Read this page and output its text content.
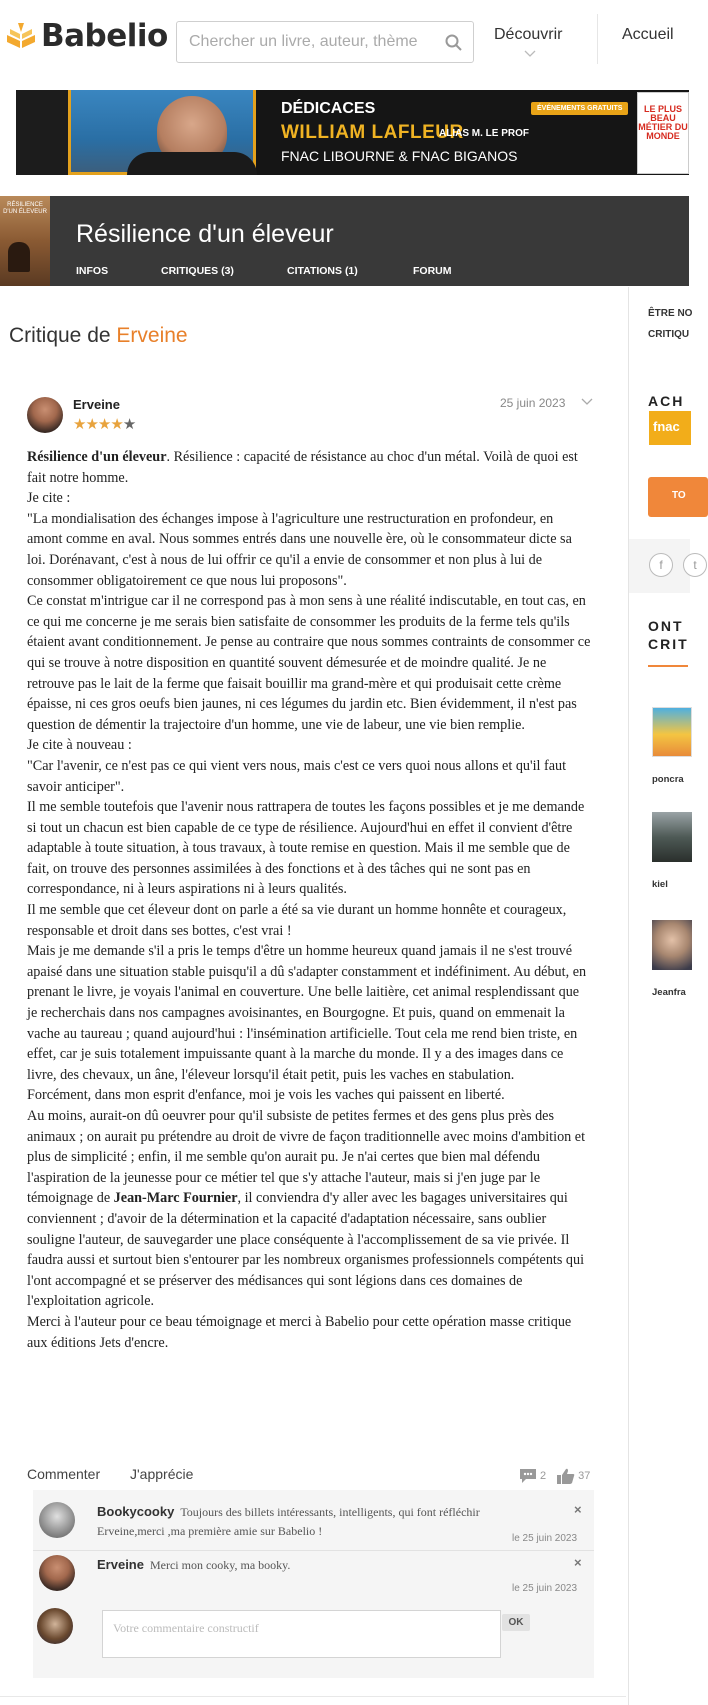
Babelio
Chercher un livre, auteur, thème	Découvrir	Accueil
DÉDICACES
WILLIAM LAFLEUR
ALIAS M. LE PROF
FNAC LIBOURNE & FNAC BIGANOS
ÉVÉNEMENTS GRATUITS	LE PLUS BEAU MÉTIER DU MONDE
RÉSILIENCE D'UN ÉLEVEUR
Résilience d'un éleveur
INFOS	CRITIQUES (3)	CITATIONS (1)	FORUM
Critique de Erveine
Erveine
★★★★★
25 juin 2023

Résilience d'un éleveur. Résilience : capacité de résistance au choc d'un métal. Voilà de quoi est fait notre homme.

Je cite :

"La mondialisation des échanges impose à l'agriculture une restructuration en profondeur, en amont comme en aval. Nous sommes entrés dans une nouvelle ère, où le consommateur dicte sa loi. Dorénavant, c'est à nous de lui offrir ce qu'il a envie de consommer et non plus à lui de consommer obligatoirement ce que nous lui proposons".

Ce constat m'intrigue car il ne correspond pas à mon sens à une réalité indiscutable, en tout cas, en ce qui me concerne je me serais bien satisfaite de consommer les produits de la ferme tels qu'ils étaient avant conditionnement. Je pense au contraire que nous sommes contraints de consommer ce qui se trouve à notre disposition en quantité souvent démesurée et de moindre qualité. Je ne retrouve pas le lait de la ferme que faisait bouillir ma grand-mère et qui produisait cette crème épaisse, ni ces gros oeufs bien jaunes, ni ces légumes du jardin etc. Bien évidemment, il n'est pas question de démentir la trajectoire d'un homme, une vie de labeur, une vie bien remplie.

Je cite à nouveau :

"Car l'avenir, ce n'est pas ce qui vient vers nous, mais c'est ce vers quoi nous allons et qu'il faut savoir anticiper".

Il me semble toutefois que l'avenir nous rattrapera de toutes les façons possibles et je me demande si tout un chacun est bien capable de ce type de résilience. Aujourd'hui en effet il convient d'être adaptable à toute situation, à tous travaux, à toute remise en question. Mais il me semble que de fait, on trouve des personnes assimilées à des fonctions et à des tâches qui ne sont pas en correspondance, ni à leurs aspirations ni à leurs qualités.

Il me semble que cet éleveur dont on parle a été sa vie durant un homme honnête et courageux, responsable et droit dans ses bottes, c'est vrai !

Mais je me demande s'il a pris le temps d'être un homme heureux quand jamais il ne s'est trouvé apaisé dans une situation stable puisqu'il a dû s'adapter constamment et indéfiniment. Au début, en prenant le livre, je voyais l'animal en couverture. Une belle laitière, cet animal resplendissant que je recherchais dans nos campagnes avoisinantes, en Bourgogne. Et puis, quand on emmenait la vache au taureau ; quand aujourd'hui : l'insémination artificielle. Tout cela me rend bien triste, en effet, car je suis totalement impuissante quant à la marche du monde. Il y a des images dans ce livre, des chevaux, un âne, l'éleveur lorsqu'il était petit, puis les vaches en stabulation.

Forcément, dans mon esprit d'enfance, moi je vois les vaches qui paissent en liberté.

Au moins, aurait-on dû oeuvrer pour qu'il subsiste de petites fermes et des gens plus près des animaux ; on aurait pu prétendre au droit de vivre de façon traditionnelle avec moins d'ambition et plus de simplicité ; enfin, il me semble qu'on aurait pu. Je n'ai certes que bien mal défendu l'aspiration de la jeunesse pour ce métier tel que s'y attache l'auteur, mais si j'en juge par le témoignage de Jean-Marc Fournier, il conviendra d'y aller avec les bagages universitaires qui conviennent ; d'avoir de la détermination et la capacité d'adaptation nécessaire, sans oublier souligne l'auteur, de sauvegarder une place conséquente à l'accomplissement de sa vie privée. Il faudra aussi et surtout bien s'entourer par les nombreux organismes professionnels compétents qui l'ont accompagné et se préserver des médisances qui sont légions dans ces domaines de l'exploitation agricole.

Merci à l'auteur pour ce beau témoignage et merci à Babelio pour cette opération masse critique aux éditions Jets d'encre.

Commenter J'apprécie	2	37
Bookycooky Toujours des billets intéressants, intelligents, qui font réfléchir Erveine,merci ,ma première amie sur Babelio !
×
le 25 juin 2023
Erveine Merci mon cooky, ma booky.	×
le 25 juin 2023
Votre commentaire constructif
OK
ÊTRE NO
CRITIQU
ACH
fnac
TO
f	t
ONT
CRIT
poncra
kiel
Jeanfra
